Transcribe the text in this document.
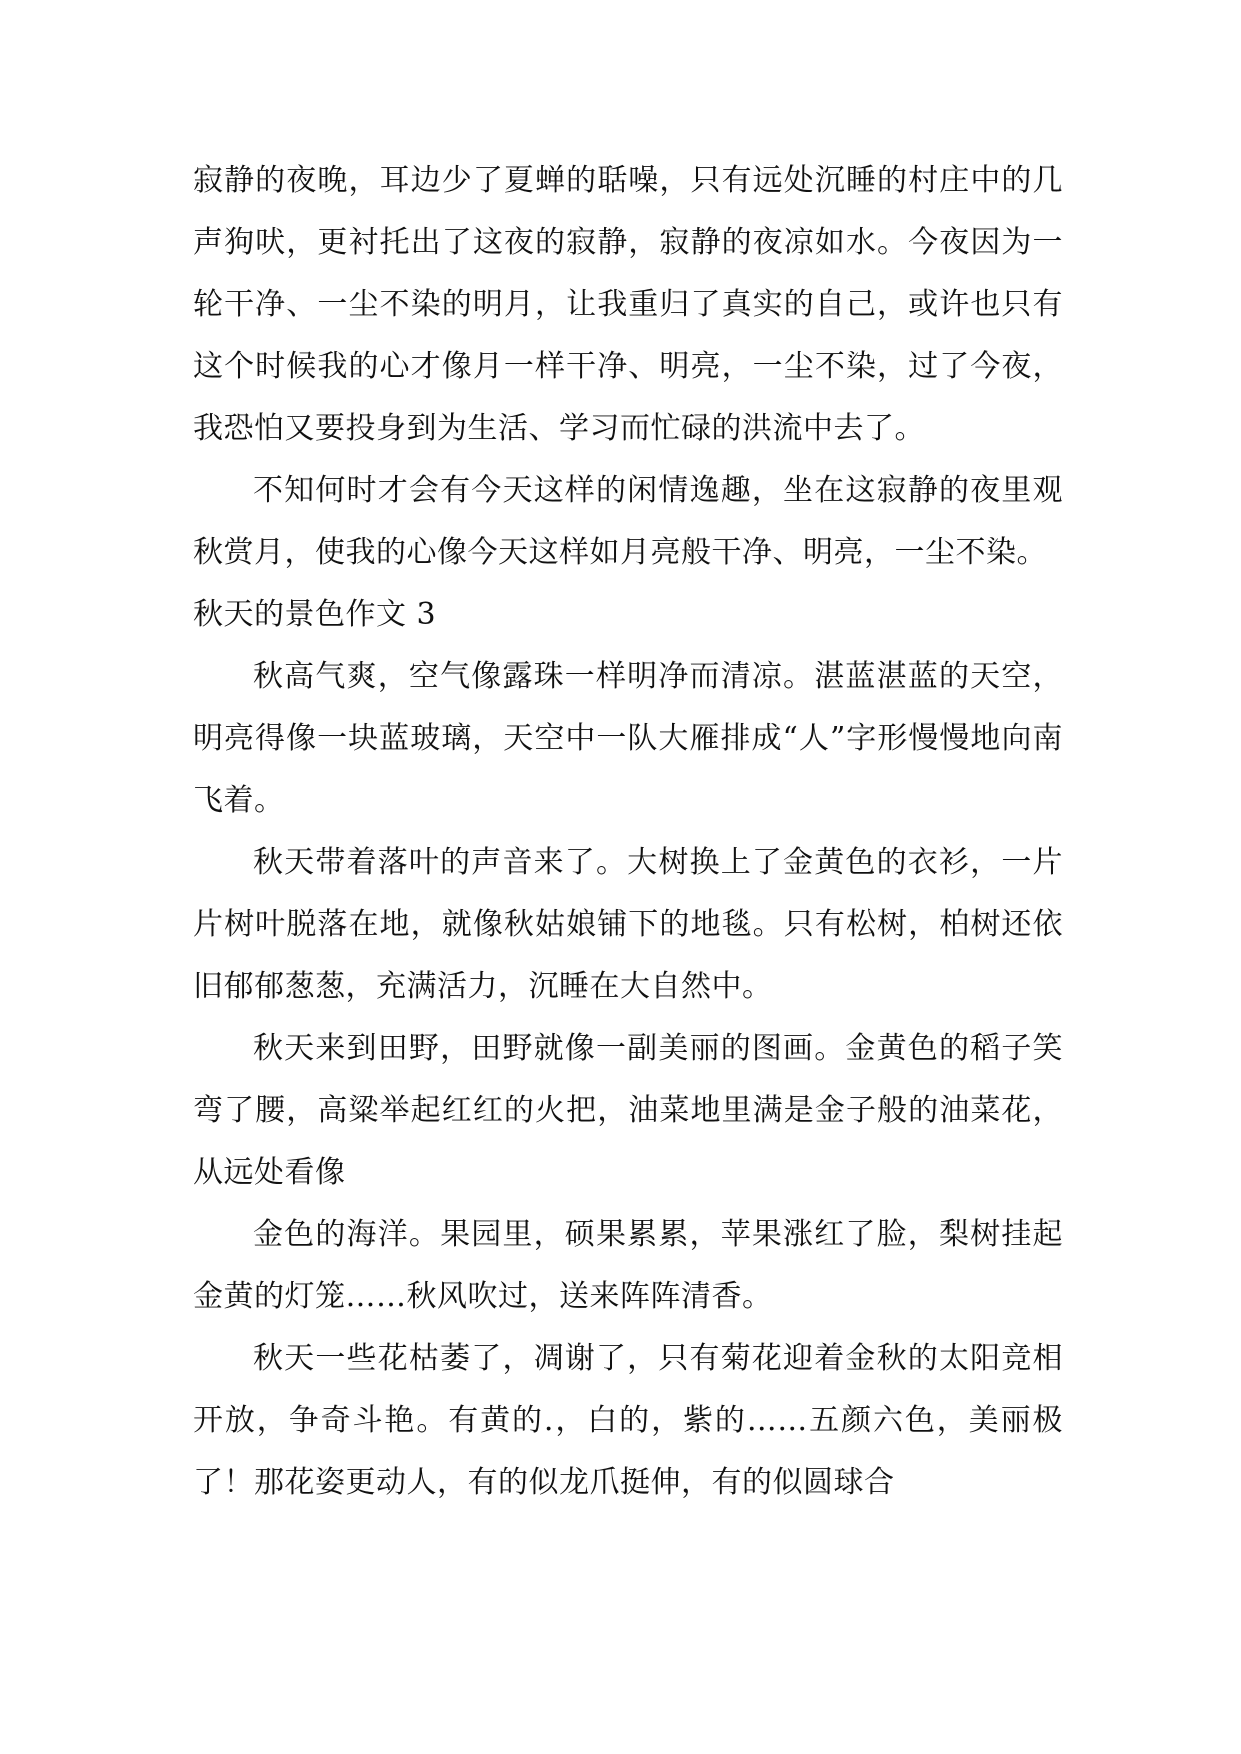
寂静的夜晚，耳边少了夏蝉的聒噪，只有远处沉睡的村庄中的几声狗吠，更衬托出了这夜的寂静，寂静的夜凉如水。今夜因为一轮干净、一尘不染的明月，让我重归了真实的自己，或许也只有这个时候我的心才像月一样干净、明亮，一尘不染，过了今夜，我恐怕又要投身到为生活、学习而忙碌的洪流中去了。

不知何时才会有今天这样的闲情逸趣，坐在这寂静的夜里观秋赏月，使我的心像今天这样如月亮般干净、明亮，一尘不染。

秋天的景色作文 3

秋高气爽，空气像露珠一样明净而清凉。湛蓝湛蓝的天空，明亮得像一块蓝玻璃，天空中一队大雁排成“人”字形慢慢地向南飞着。

秋天带着落叶的声音来了。大树换上了金黄色的衣衫，一片片树叶脱落在地，就像秋姑娘铺下的地毯。只有松树，柏树还依旧郁郁葱葱，充满活力，沉睡在大自然中。

秋天来到田野，田野就像一副美丽的图画。金黄色的稻子笑弯了腰，高粱举起红红的火把，油菜地里满是金子般的油菜花，从远处看像

金色的海洋。果园里，硕果累累，苹果涨红了脸，梨树挂起金黄的灯笼……秋风吹过，送来阵阵清香。

秋天一些花枯萎了，凋谢了，只有菊花迎着金秋的太阳竞相开放，争奇斗艳。有黄的.，白的，紫的……五颜六色，美丽极了！那花姿更动人，有的似龙爪挺伸，有的似圆球合
